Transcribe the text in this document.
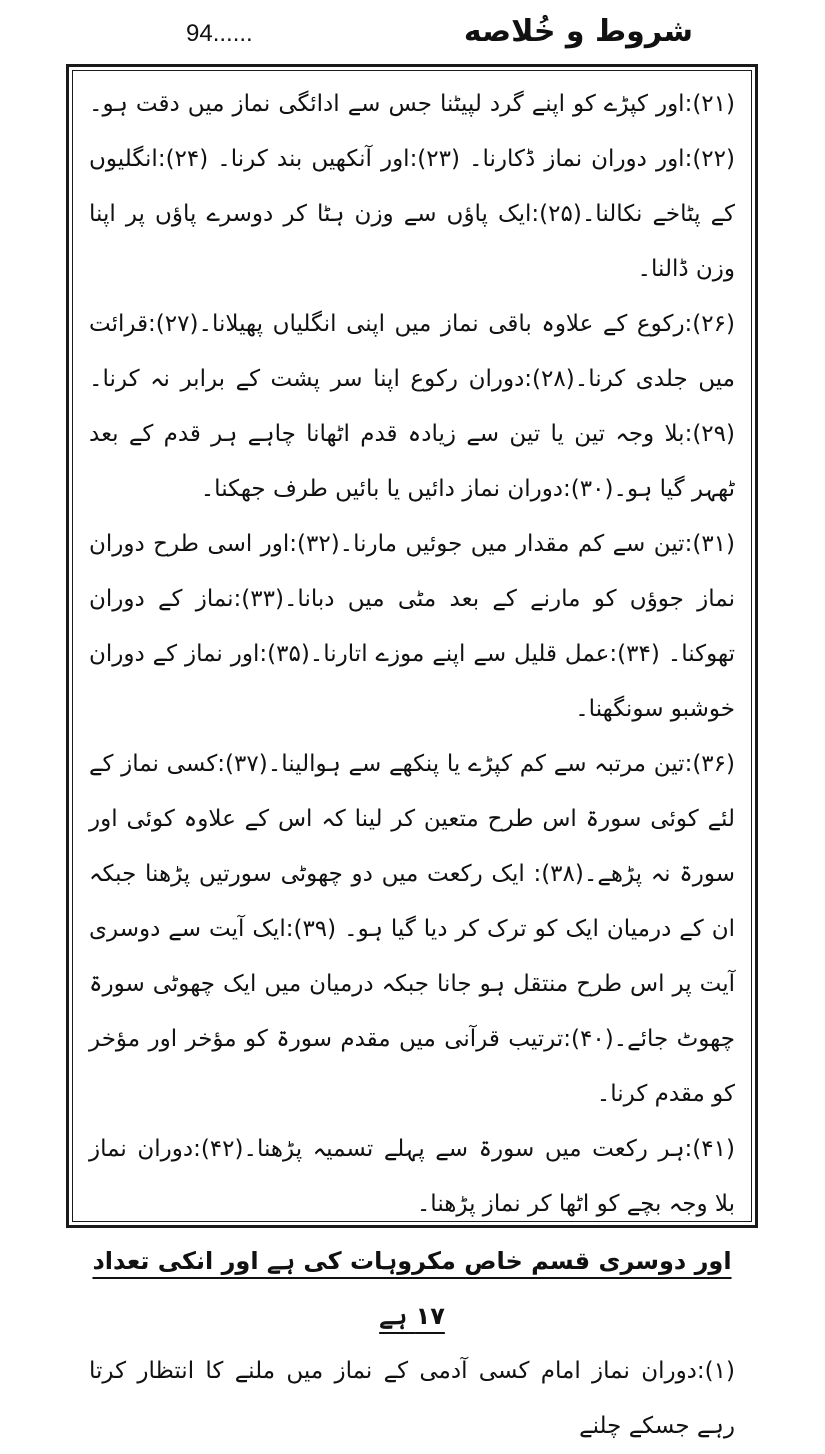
94......	شروط و خُلاصه

(۲۱):اور کپڑے کو اپنے گرد لپیٹنا جس سے ادائگی نماز میں دقت ہو۔ (۲۲):اور دوران نماز ڈکارنا۔ (۲۳):اور آنکھیں بند کرنا۔ (۲۴):انگلیوں کے پٹاخے نکالنا۔(۲۵):ایک پاؤں سے وزن ہٹا کر دوسرے پاؤں پر اپنا وزن ڈالنا۔

(۲۶):رکوع کے علاوہ باقی نماز میں اپنی انگلیاں پھیلانا۔(۲۷):قرائت میں جلدی کرنا۔(۲۸):دوران رکوع اپنا سر پشت کے برابر نہ کرنا۔(۲۹):بلا وجہ تین یا تین سے زیادہ قدم اٹھانا چاہے ہر قدم کے بعد ٹھہر گیا ہو۔(۳۰):دوران نماز دائیں یا بائیں طرف جھکنا۔

(۳۱):تین سے کم مقدار میں جوئیں مارنا۔(۳۲):اور اسی طرح دوران نماز جوؤں کو مارنے کے بعد مٹی میں دبانا۔(۳۳):نماز کے دوران تھوکنا۔ (۳۴):عمل قلیل سے اپنے موزے اتارنا۔(۳۵):اور نماز کے دوران خوشبو سونگھنا۔

(۳۶):تین مرتبہ سے کم کپڑے یا پنکھے سے ہوالینا۔(۳۷):کسی نماز کے لئے کوئی سورۃ اس طرح متعین کر لینا کہ اس کے علاوہ کوئی اور سورۃ نہ پڑھے۔(۳۸): ایک رکعت میں دو چھوٹی سورتیں پڑھنا جبکہ ان کے درمیان ایک کو ترک کر دیا گیا ہو۔ (۳۹):ایک آیت سے دوسری آیت پر اس طرح منتقل ہو جانا جبکہ درمیان میں ایک چھوٹی سورۃ چھوٹ جائے۔(۴۰):ترتیب قرآنی میں مقدم سورۃ کو مؤخر اور مؤخر کو مقدم کرنا۔

(۴۱):ہر رکعت میں سورۃ سے پہلے تسمیہ پڑھنا۔(۴۲):دوران نماز بلا وجہ بچے کو اٹھا کر نماز پڑھنا۔

اور دوسری قسم خاص مکروہات کی ہے اور انکی تعداد ۱۷ ہے

(۱):دوران نماز امام کسی آدمی کے نماز میں ملنے کا انتظار کرتا رہے جسکے چلنے
